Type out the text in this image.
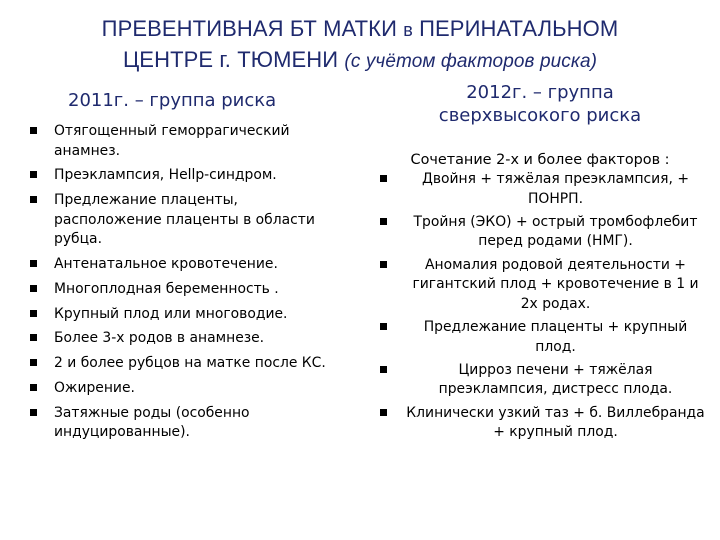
ПРЕВЕНТИВНАЯ БТ МАТКИ в ПЕРИНАТАЛЬНОМ
ЦЕНТРЕ г. ТЮМЕНИ (с учётом факторов риска)
2011г. – группа риска
Отягощенный геморрагический анамнез.
Преэклампсия, Hellp-синдром.
Предлежание плаценты, расположение плаценты в области рубца.
Антенатальное кровотечение.
Многоплодная беременность .
Крупный плод или многоводие.
Более 3-х родов в анамнезе.
2 и более рубцов на матке после КС.
Ожирение.
Затяжные роды (особенно индуцированные).
2012г. – группа
сверхвысокого риска
Сочетание 2-х и более факторов :
Двойня + тяжёлая преэклампсия, + ПОНРП.
Тройня (ЭКО) + острый тромбофлебит перед родами (НМГ).
Аномалия родовой деятельности + гигантский плод + кровотечение в 1 и 2х родах.
Предлежание плаценты + крупный плод.
Цирроз печени + тяжёлая преэклампсия, дистресс плода.
Клинически узкий таз + б. Виллебранда + крупный плод.
